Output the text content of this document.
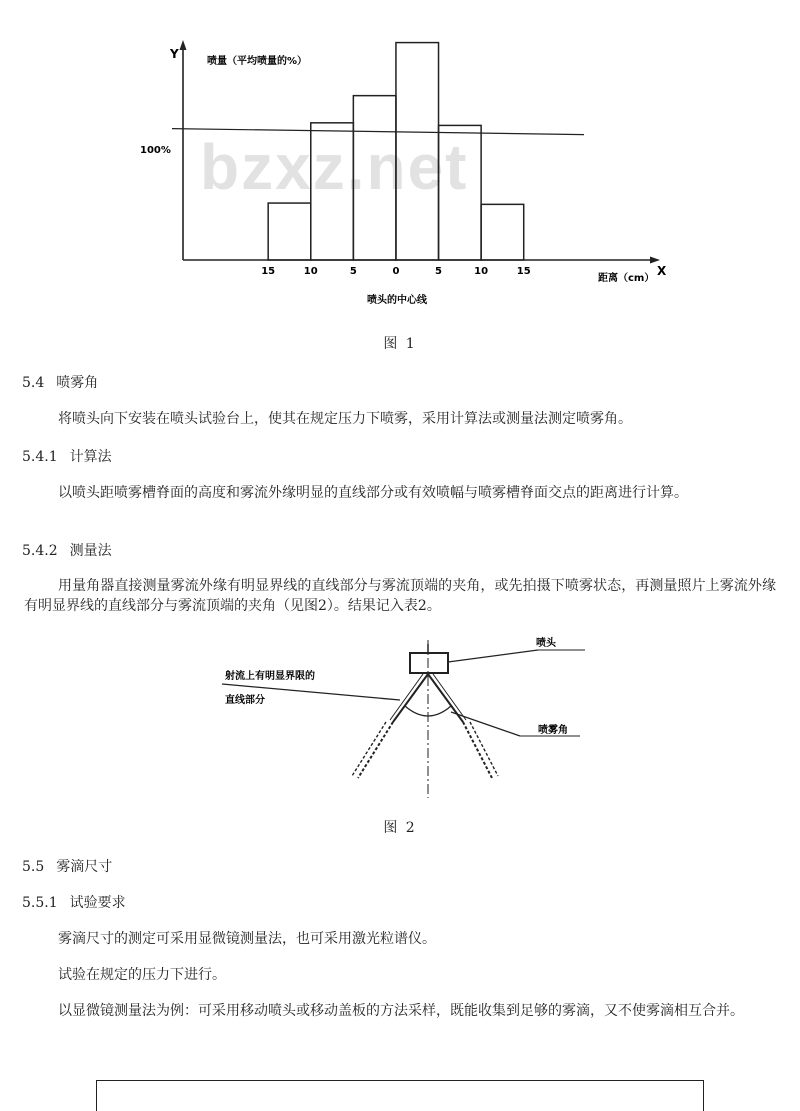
bzxz.net
15	10	5	0	5	10	15
Y
X
喷量（平均喷量的%）
100%
距离（cm）
喷头的中心线
图 1
5.4 喷雾角
将喷头向下安装在喷头试验台上，使其在规定压力下喷雾，采用计算法或测量法测定喷雾角。
5.4.1 计算法
以喷头距喷雾槽脊面的高度和雾流外缘明显的直线部分或有效喷幅与喷雾槽脊面交点的距离进行计算。
5.4.2 测量法
用量角器直接测量雾流外缘有明显界线的直线部分与雾流顶端的夹角，或先拍摄下喷雾状态，再测量照片上雾流外缘有明显界线的直线部分与雾流顶端的夹角（见图2）。结果记入表2。
喷头
射流上有明显界限的
直线部分
喷雾角
图 2
5.5 雾滴尺寸
5.5.1 试验要求
雾滴尺寸的测定可采用显微镜测量法，也可采用激光粒谱仪。
试验在规定的压力下进行。
以显微镜测量法为例：可采用移动喷头或移动盖板的方法采样，既能收集到足够的雾滴，又不使雾滴相互合并。
